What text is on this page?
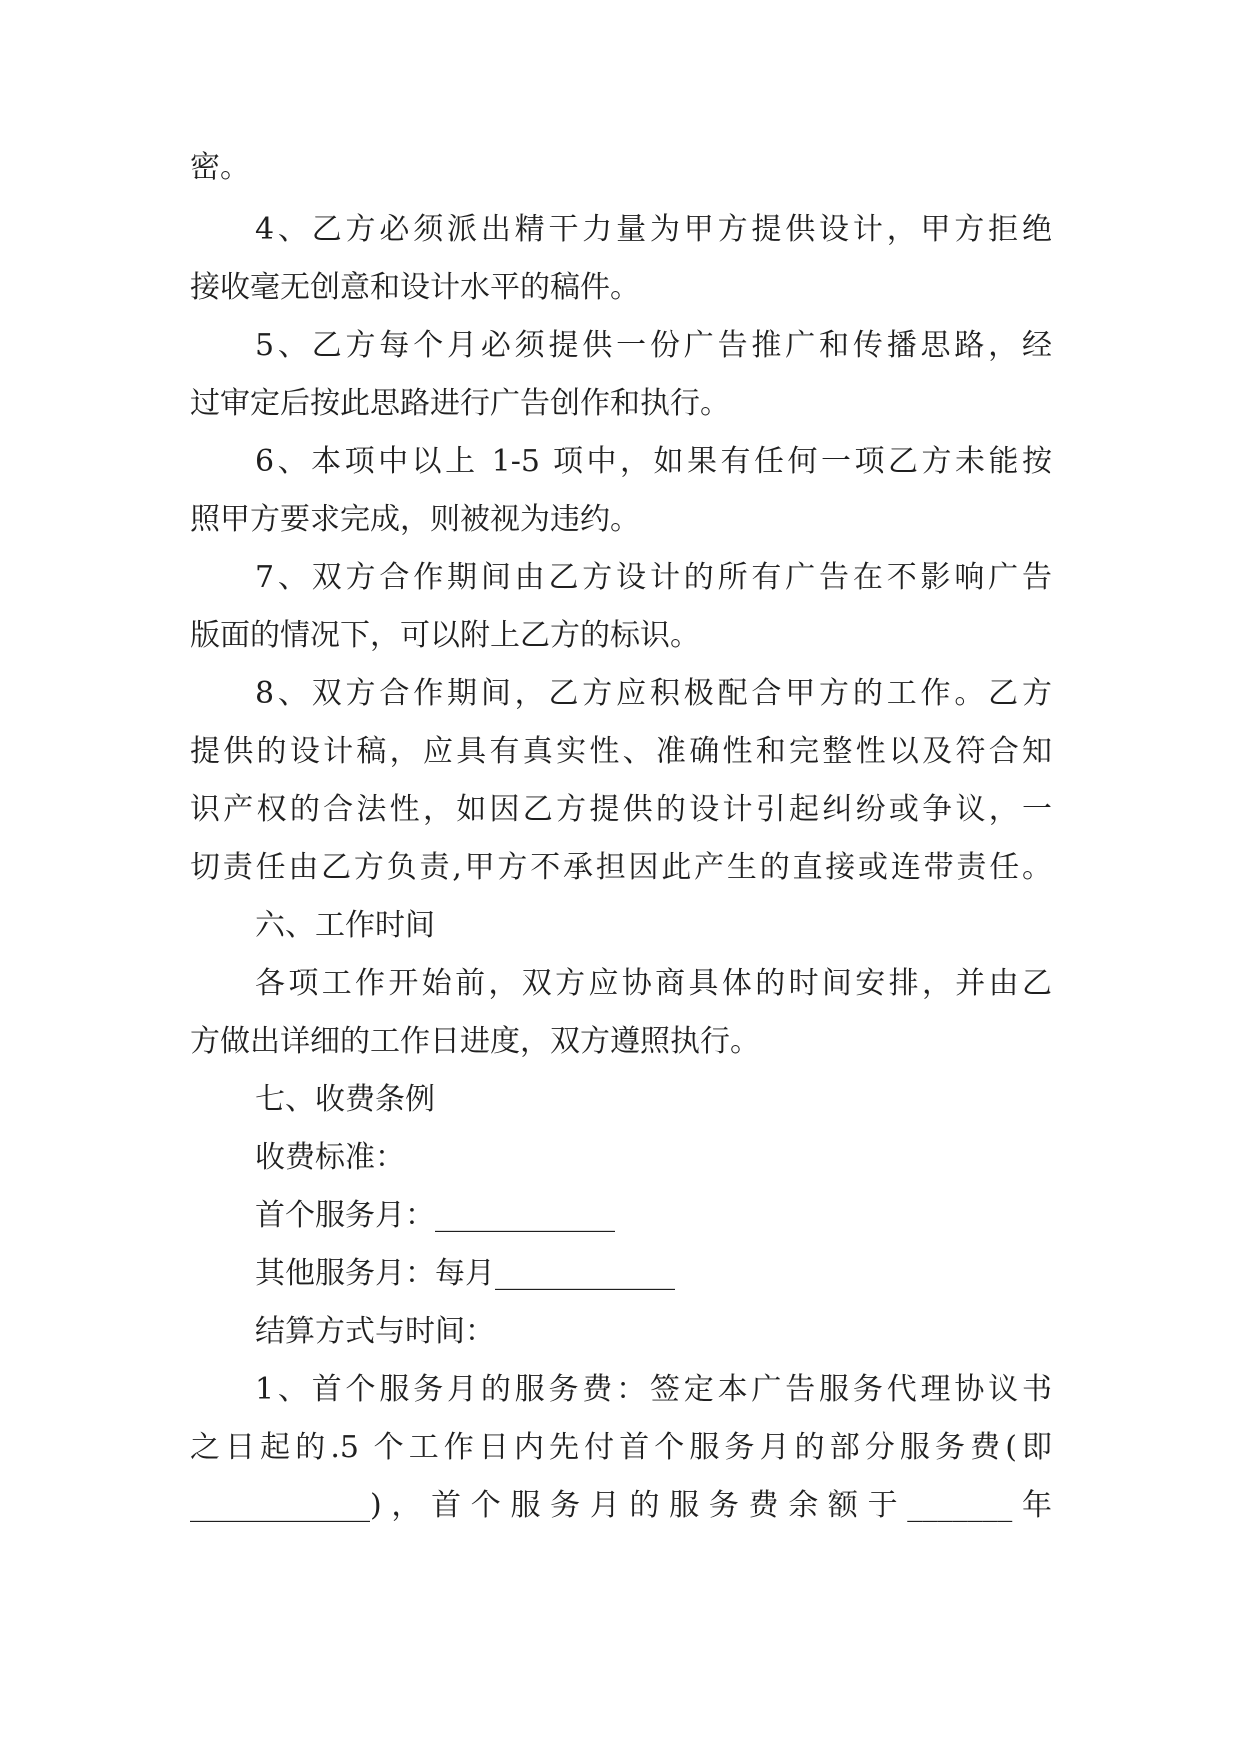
密。

4、乙方必须派出精干力量为甲方提供设计，甲方拒绝

接收毫无创意和设计水平的稿件。

5、乙方每个月必须提供一份广告推广和传播思路，经

过审定后按此思路进行广告创作和执行。

6、本项中以上 1-5 项中，如果有任何一项乙方未能按

照甲方要求完成，则被视为违约。

7、双方合作期间由乙方设计的所有广告在不影响广告

版面的情况下，可以附上乙方的标识。

8、双方合作期间，乙方应积极配合甲方的工作。乙方

提供的设计稿，应具有真实性、准确性和完整性以及符合知

识产权的合法性，如因乙方提供的设计引起纠纷或争议，一

切责任由乙方负责,甲方不承担因此产生的直接或连带责任。

六、工作时间

各项工作开始前，双方应协商具体的时间安排，并由乙

方做出详细的工作日进度，双方遵照执行。

七、收费条例

收费标准：

首个服务月：____________

其他服务月：每月____________

结算方式与时间：

1、首个服务月的服务费：签定本广告服务代理协议书

之日起的.5 个工作日内先付首个服务月的部分服务费(即

____________)，首个服务月的服务费余额于_______年
